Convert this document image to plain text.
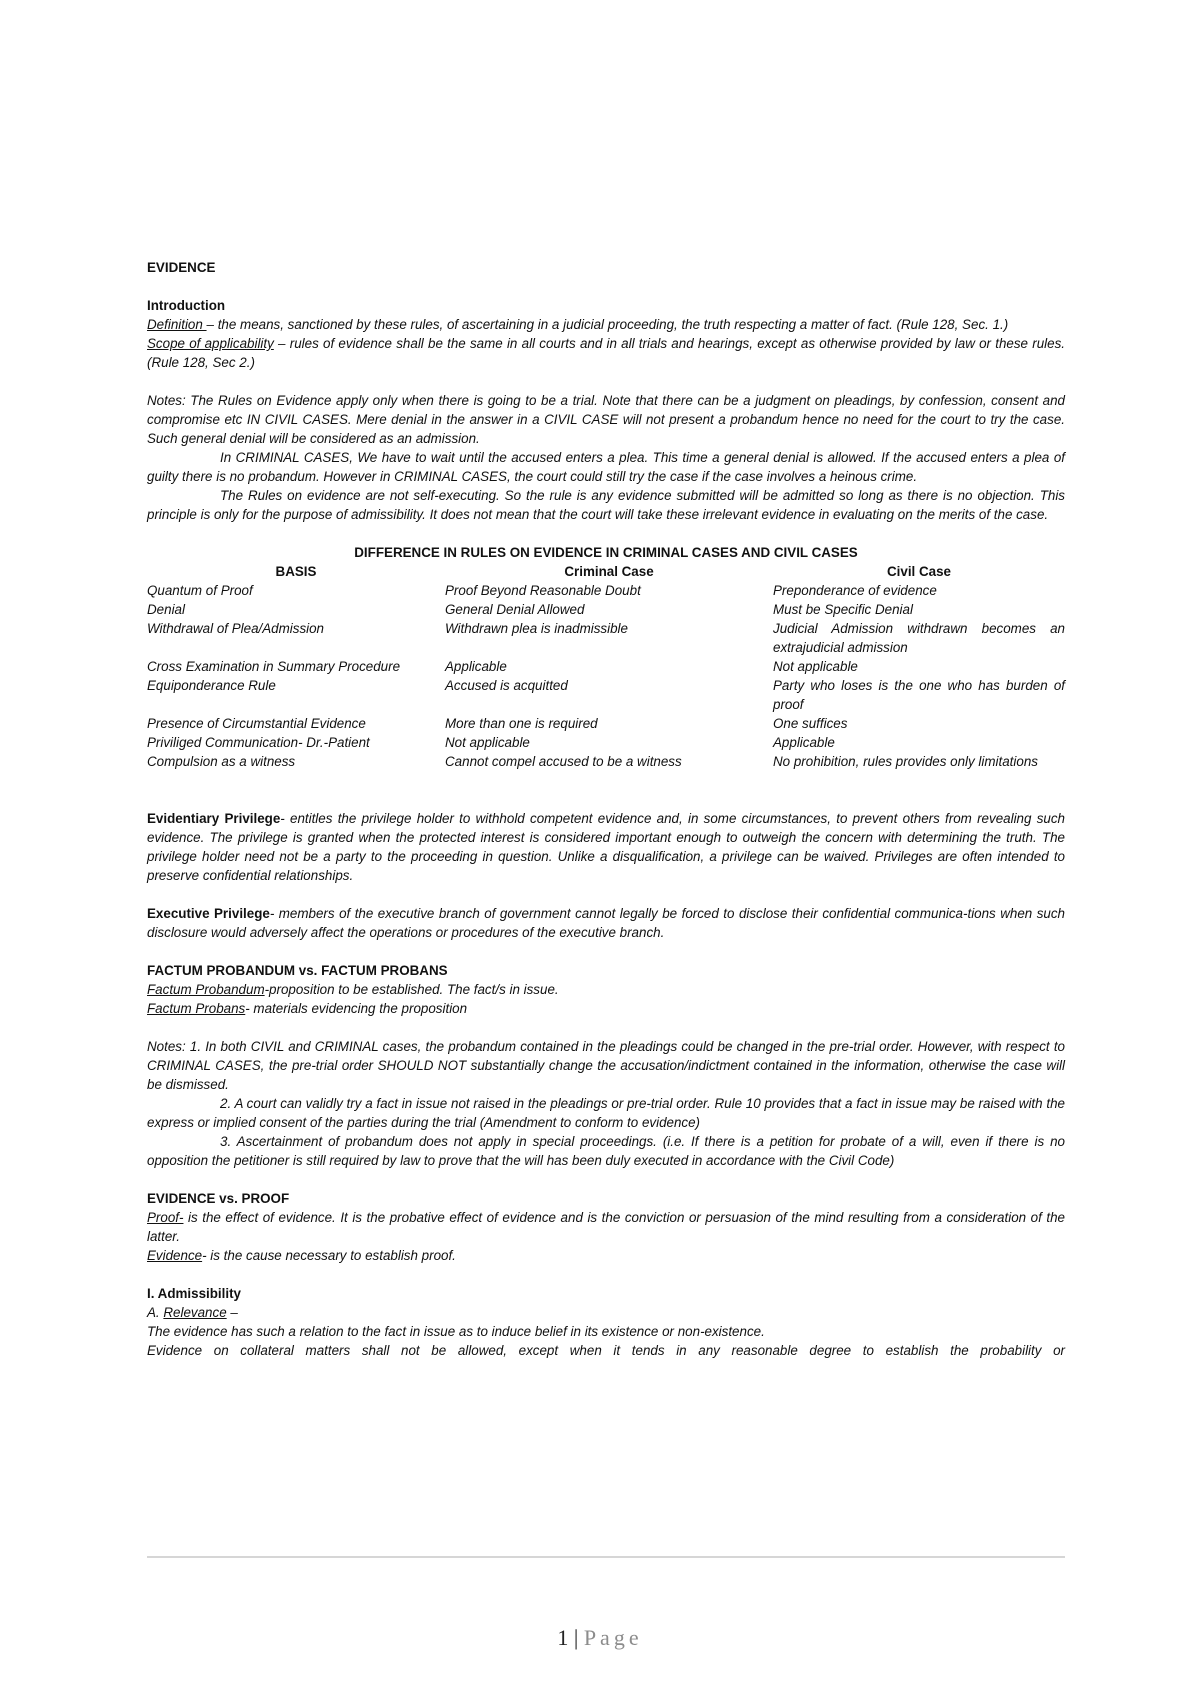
EVIDENCE

Introduction

Definition – the means, sanctioned by these rules, of ascertaining in a judicial proceeding, the truth respecting a matter of fact. (Rule 128, Sec. 1.)

Scope of applicability – rules of evidence shall be the same in all courts and in all trials and hearings, except as otherwise provided by law or these rules. (Rule 128, Sec 2.)

Notes: The Rules on Evidence apply only when there is going to be a trial. Note that there can be a judgment on pleadings, by confession, consent and compromise etc IN CIVIL CASES. Mere denial in the answer in a CIVIL CASE will not present a probandum hence no need for the court to try the case. Such general denial will be considered as an admission.

In CRIMINAL CASES, We have to wait until the accused enters a plea. This time a general denial is allowed. If the accused enters a plea of guilty there is no probandum. However in CRIMINAL CASES, the court could still try the case if the case involves a heinous crime.

The Rules on evidence are not self-executing. So the rule is any evidence submitted will be admitted so long as there is no objection. This principle is only for the purpose of admissibility. It does not mean that the court will take these irrelevant evidence in evaluating on the merits of the case.

DIFFERENCE IN RULES ON EVIDENCE IN CRIMINAL CASES AND CIVIL CASES

BASIS	Criminal Case	Civil Case
Quantum of Proof	Proof Beyond Reasonable Doubt	Preponderance of evidence
Denial	General Denial Allowed	Must be Specific Denial
Withdrawal of Plea/Admission	Withdrawn plea is inadmissible	Judicial Admission withdrawn becomes an extrajudicial admission
Cross Examination in Summary Procedure	Applicable	Not applicable
Equiponderance Rule	Accused is acquitted	Party who loses is the one who has burden of proof
Presence of Circumstantial Evidence	More than one is required	One suffices
Priviliged Communication- Dr.-Patient	Not applicable	Applicable
Compulsion as a witness	Cannot compel accused to be a witness	No prohibition, rules provides only limitations

Evidentiary Privilege- entitles the privilege holder to withhold competent evidence and, in some circumstances, to prevent others from revealing such evidence. The privilege is granted when the protected interest is considered important enough to outweigh the concern with determining the truth. The privilege holder need not be a party to the proceeding in question. Unlike a disqualification, a privilege can be waived. Privileges are often intended to preserve confidential relationships.

Executive Privilege- members of the executive branch of government cannot legally be forced to disclose their confidential communica-tions when such disclosure would adversely affect the operations or procedures of the executive branch.

FACTUM PROBANDUM vs. FACTUM PROBANS

Factum Probandum-proposition to be established. The fact/s in issue.

Factum Probans- materials evidencing the proposition

Notes: 1. In both CIVIL and CRIMINAL cases, the probandum contained in the pleadings could be changed in the pre-trial order. However, with respect to CRIMINAL CASES, the pre-trial order SHOULD NOT substantially change the accusation/indictment contained in the information, otherwise the case will be dismissed.

2. A court can validly try a fact in issue not raised in the pleadings or pre-trial order. Rule 10 provides that a fact in issue may be raised with the express or implied consent of the parties during the trial (Amendment to conform to evidence)

3. Ascertainment of probandum does not apply in special proceedings. (i.e. If there is a petition for probate of a will, even if there is no opposition the petitioner is still required by law to prove that the will has been duly executed in accordance with the Civil Code)

EVIDENCE vs. PROOF

Proof- is the effect of evidence. It is the probative effect of evidence and is the conviction or persuasion of the mind resulting from a consideration of the latter.

Evidence- is the cause necessary to establish proof.

I. Admissibility

A. Relevance –

The evidence has such a relation to the fact in issue as to induce belief in its existence or non-existence.

Evidence on collateral matters shall not be allowed, except when it tends in any reasonable degree to establish the probability or

1 | Page
